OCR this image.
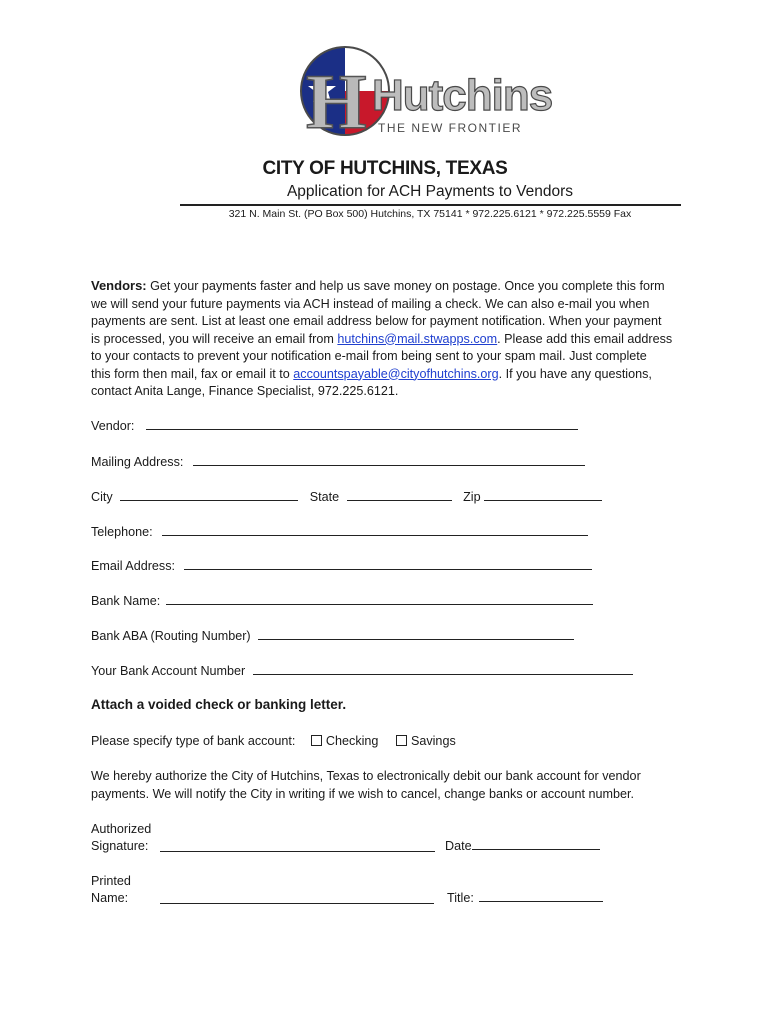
H Hutchins
THE NEW FRONTIER
CITY OF HUTCHINS, TEXAS
Application for ACH Payments to Vendors
321 N. Main St. (PO Box 500) Hutchins, TX 75141 * 972.225.6121 * 972.225.5559 Fax
Vendors: Get your payments faster and help us save money on postage. Once you complete this form
we will send your future payments via ACH instead of mailing a check. We can also e-mail you when
payments are sent. List at least one email address below for payment notification. When your payment
is processed, you will receive an email from hutchins@mail.stwapps.com. Please add this email address
to your contacts to prevent your notification e-mail from being sent to your spam mail. Just complete
this form then mail, fax or email it to accountspayable@cityofhutchins.org. If you have any questions,
contact Anita Lange, Finance Specialist, 972.225.6121.
Vendor:
Mailing Address:
City	State	Zip
Telephone:
Email Address:
Bank Name:
Bank ABA (Routing Number)
Your Bank Account Number
Attach a voided check or banking letter.
Please specify type of bank account: Checking	Savings
We hereby authorize the City of Hutchins, Texas to electronically debit our bank account for vendor
payments. We will notify the City in writing if we wish to cancel, change banks or account number.
Authorized
Signature:	Date
Printed
Name:	Title:
